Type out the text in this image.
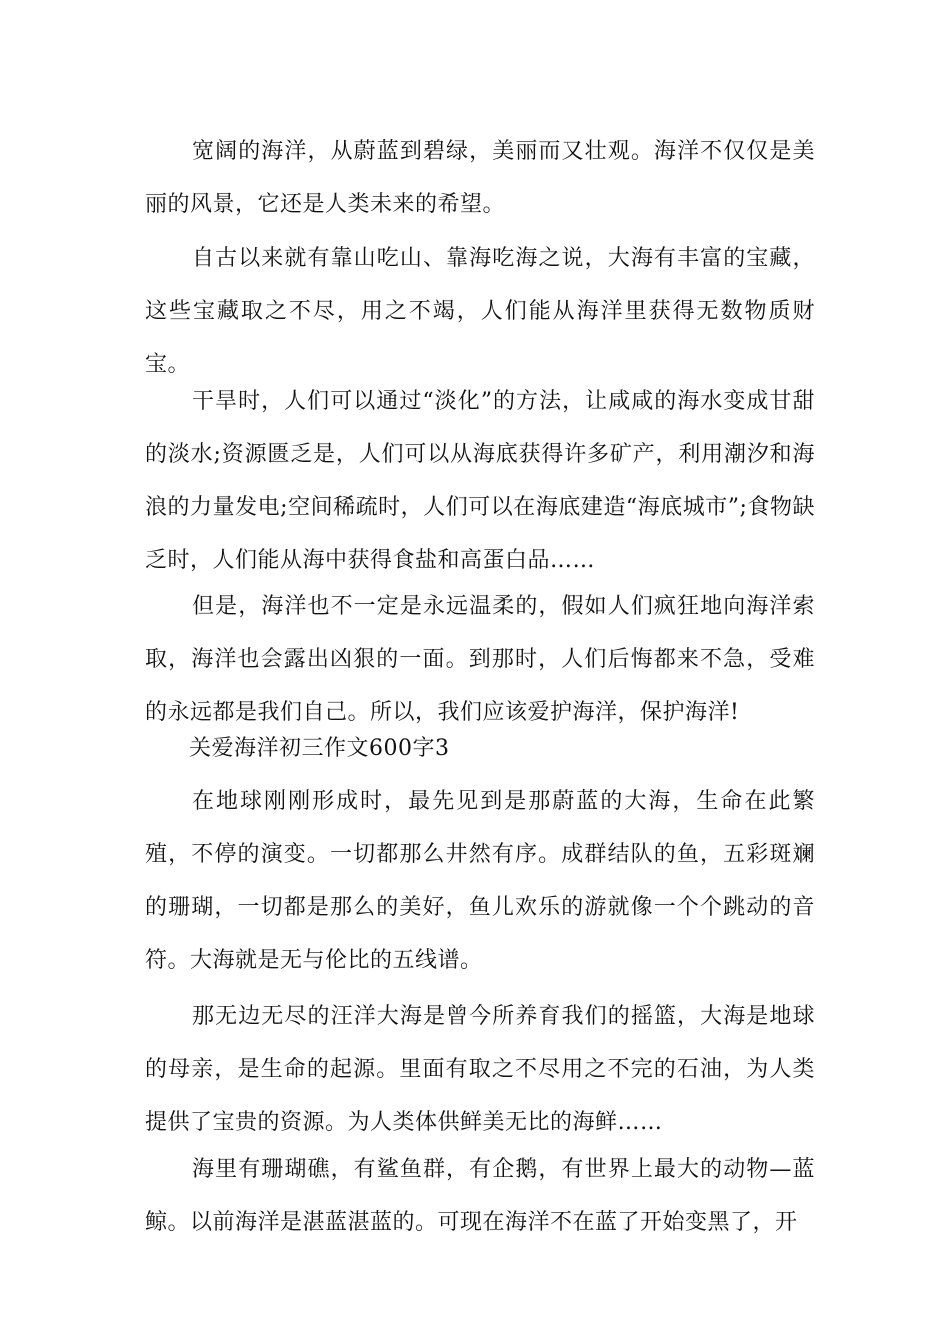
宽阔的海洋，从蔚蓝到碧绿，美丽而又壮观。海洋不仅仅是美丽的风景，它还是人类未来的希望。

自古以来就有靠山吃山、靠海吃海之说，大海有丰富的宝藏，这些宝藏取之不尽，用之不竭，人们能从海洋里获得无数物质财宝。

干旱时，人们可以通过“淡化”的方法，让咸咸的海水变成甘甜的淡水;资源匮乏是，人们可以从海底获得许多矿产，利用潮汐和海浪的力量发电;空间稀疏时，人们可以在海底建造“海底城市”;食物缺乏时，人们能从海中获得食盐和高蛋白品……

但是，海洋也不一定是永远温柔的，假如人们疯狂地向海洋索取，海洋也会露出凶狠的一面。到那时，人们后悔都来不急，受难的永远都是我们自己。所以，我们应该爱护海洋，保护海洋!

关爱海洋初三作文600字3

在地球刚刚形成时，最先见到是那蔚蓝的大海，生命在此繁殖，不停的演变。一切都那么井然有序。成群结队的鱼，五彩斑斓的珊瑚，一切都是那么的美好，鱼儿欢乐的游就像一个个跳动的音符。大海就是无与伦比的五线谱。

那无边无尽的汪洋大海是曾今所养育我们的摇篮，大海是地球的母亲，是生命的起源。里面有取之不尽用之不完的石油，为人类提供了宝贵的资源。为人类体供鲜美无比的海鲜……

海里有珊瑚礁，有鲨鱼群，有企鹅，有世界上最大的动物—蓝鲸。以前海洋是湛蓝湛蓝的。可现在海洋不在蓝了开始变黑了，开
